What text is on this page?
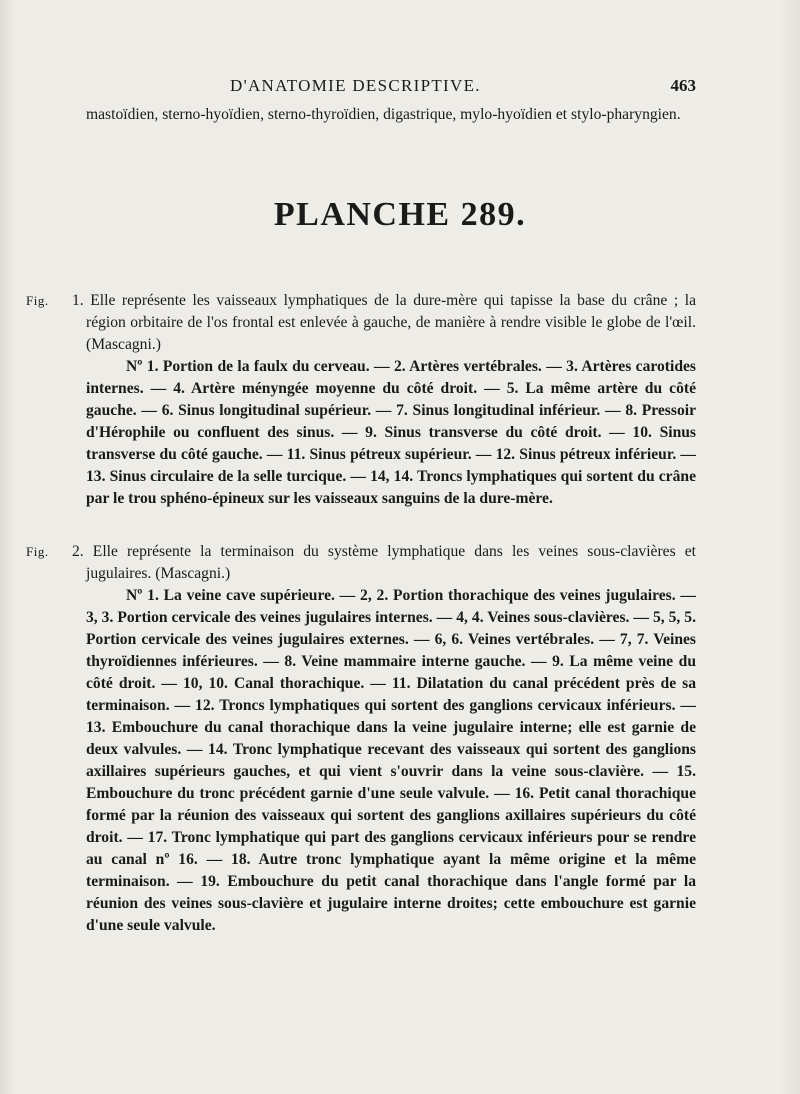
D'ANATOMIE DESCRIPTIVE.	463
mastoïdien, sterno-hyoïdien, sterno-thyroïdien, digastrique, mylo-hyoïdien et stylo-pharyngien.
PLANCHE 289.
Fig. 1. Elle représente les vaisseaux lymphatiques de la dure-mère qui tapisse la base du crâne ; la région orbitaire de l'os frontal est enlevée à gauche, de manière à rendre visible le globe de l'œil. (Mascagni.)
Nº 1. Portion de la faulx du cerveau. — 2. Artères vertébrales. — 3. Artères carotides internes. — 4. Artère ményngée moyenne du côté droit. — 5. La même artère du côté gauche. — 6. Sinus longitudinal supérieur. — 7. Sinus longitudinal inférieur. — 8. Pressoir d'Hérophile ou confluent des sinus. — 9. Sinus transverse du côté droit. — 10. Sinus transverse du côté gauche. — 11. Sinus pétreux supérieur. — 12. Sinus pétreux inférieur. — 13. Sinus circulaire de la selle turcique. — 14, 14. Troncs lymphatiques qui sortent du crâne par le trou sphéno-épineux sur les vaisseaux sanguins de la dure-mère.
Fig. 2. Elle représente la terminaison du système lymphatique dans les veines sous-clavières et jugulaires. (Mascagni.)
Nº 1. La veine cave supérieure. — 2, 2. Portion thorachique des veines jugulaires. — 3, 3. Portion cervicale des veines jugulaires internes. — 4, 4. Veines sous-clavières. — 5, 5, 5. Portion cervicale des veines jugulaires externes. — 6, 6. Veines vertébrales. — 7, 7. Veines thyroïdiennes inférieures. — 8. Veine mammaire interne gauche. — 9. La même veine du côté droit. — 10, 10. Canal thorachique. — 11. Dilatation du canal précédent près de sa terminaison. — 12. Troncs lymphatiques qui sortent des ganglions cervicaux inférieurs. — 13. Embouchure du canal thorachique dans la veine jugulaire interne; elle est garnie de deux valvules. — 14. Tronc lymphatique recevant des vaisseaux qui sortent des ganglions axillaires supérieurs gauches, et qui vient s'ouvrir dans la veine sous-clavière. — 15. Embouchure du tronc précédent garnie d'une seule valvule. — 16. Petit canal thorachique formé par la réunion des vaisseaux qui sortent des ganglions axillaires supérieurs du côté droit. — 17. Tronc lymphatique qui part des ganglions cervicaux inférieurs pour se rendre au canal nº 16. — 18. Autre tronc lymphatique ayant la même origine et la même terminaison. — 19. Embouchure du petit canal thorachique dans l'angle formé par la réunion des veines sous-clavière et jugulaire interne droites; cette embouchure est garnie d'une seule valvule.
